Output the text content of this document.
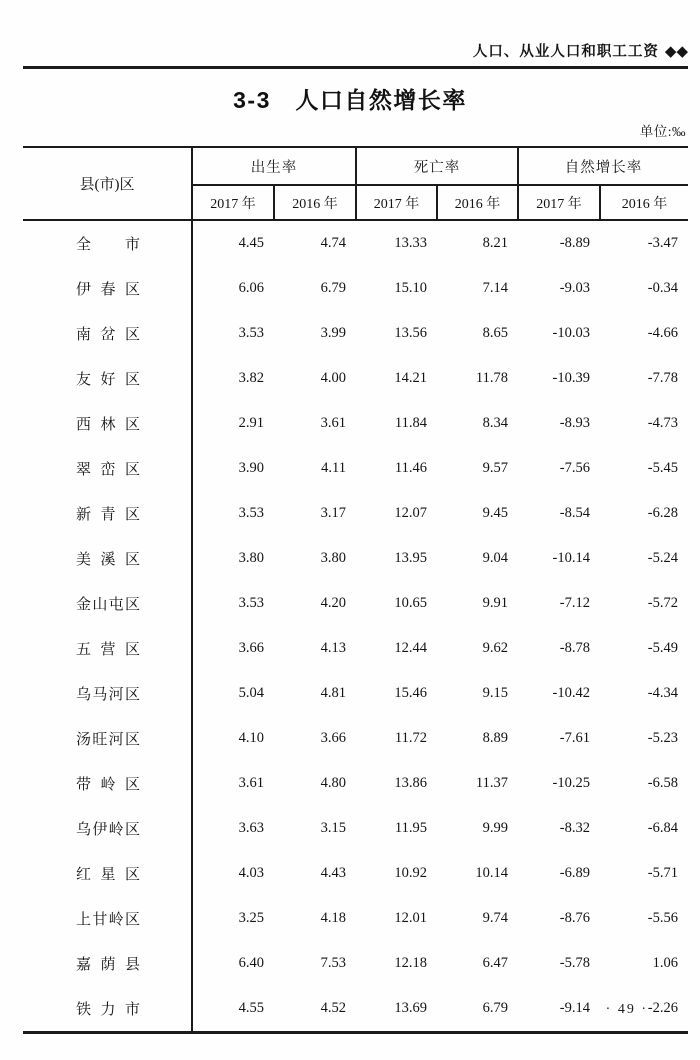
人口、从业人口和职工工资 ◆◆
3-3　人口自然增长率
单位:‰
县(市)区	出生率		死亡率		自然增长率	
	2017 年	2016 年	2017 年	2016 年	2017 年	2016 年
全市	4.45	4.74	13.33	8.21	-8.89	-3.47
伊春区	6.06	6.79	15.10	7.14	-9.03	-0.34
南岔区	3.53	3.99	13.56	8.65	-10.03	-4.66
友好区	3.82	4.00	14.21	11.78	-10.39	-7.78
西林区	2.91	3.61	11.84	8.34	-8.93	-4.73
翠峦区	3.90	4.11	11.46	9.57	-7.56	-5.45
新青区	3.53	3.17	12.07	9.45	-8.54	-6.28
美溪区	3.80	3.80	13.95	9.04	-10.14	-5.24
金山屯区	3.53	4.20	10.65	9.91	-7.12	-5.72
五营区	3.66	4.13	12.44	9.62	-8.78	-5.49
乌马河区	5.04	4.81	15.46	9.15	-10.42	-4.34
汤旺河区	4.10	3.66	11.72	8.89	-7.61	-5.23
带岭区	3.61	4.80	13.86	11.37	-10.25	-6.58
乌伊岭区	3.63	3.15	11.95	9.99	-8.32	-6.84
红星区	4.03	4.43	10.92	10.14	-6.89	-5.71
上甘岭区	3.25	4.18	12.01	9.74	-8.76	-5.56
嘉荫县	6.40	7.53	12.18	6.47	-5.78	1.06
铁力市	4.55	4.52	13.69	6.79	-9.14	-2.26
· 49 ·
